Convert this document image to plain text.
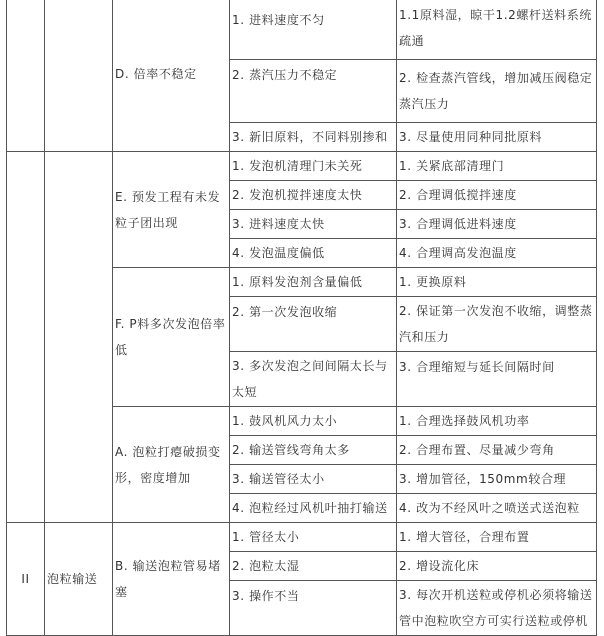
		D. 倍率不稳定	1. 进料速度不匀	1.1原料湿，晾干1.2螺杆送料系统疏通
			2. 蒸汽压力不稳定	2. 检查蒸汽管线，增加减压阀稳定蒸汽压力
			3. 新旧原料，不同料别掺和	3. 尽量使用同种同批原料
		E. 预发工程有未发粒子团出现	1. 发泡机清理门未关死	1. 关紧底部清理门
			2. 发泡机搅拌速度太快	2. 合理调低搅拌速度
			3. 进料速度太快	3. 合理调低进料速度
			4. 发泡温度偏低	4. 合理调高发泡温度
		F. P料多次发泡倍率低	1. 原料发泡剂含量偏低	1. 更换原料
			2. 第一次发泡收缩	2. 保证第一次发泡不收缩，调整蒸汽和压力
			3. 多次发泡之间间隔太长与太短	3. 合理缩短与延长间隔时间
		A. 泡粒打瘪破损变形，密度增加	1. 鼓风机风力太小	1. 合理选择鼓风机功率
			2. 输送管线弯角太多	2. 合理布置、尽量减少弯角
			3. 输送管径太小	3. 增加管径，150mm较合理
			4. 泡粒经过风机叶抽打输送	4. 改为不经风叶之喷送式送泡粒
II	泡粒输送	B. 输送泡粒管易堵塞	1. 管径太小	1. 增大管径，合理布置
			2. 泡粒太湿	2. 增设流化床
			3. 操作不当	3. 每次开机送粒或停机必须将输送管中泡粒吹空方可实行送粒或停机
